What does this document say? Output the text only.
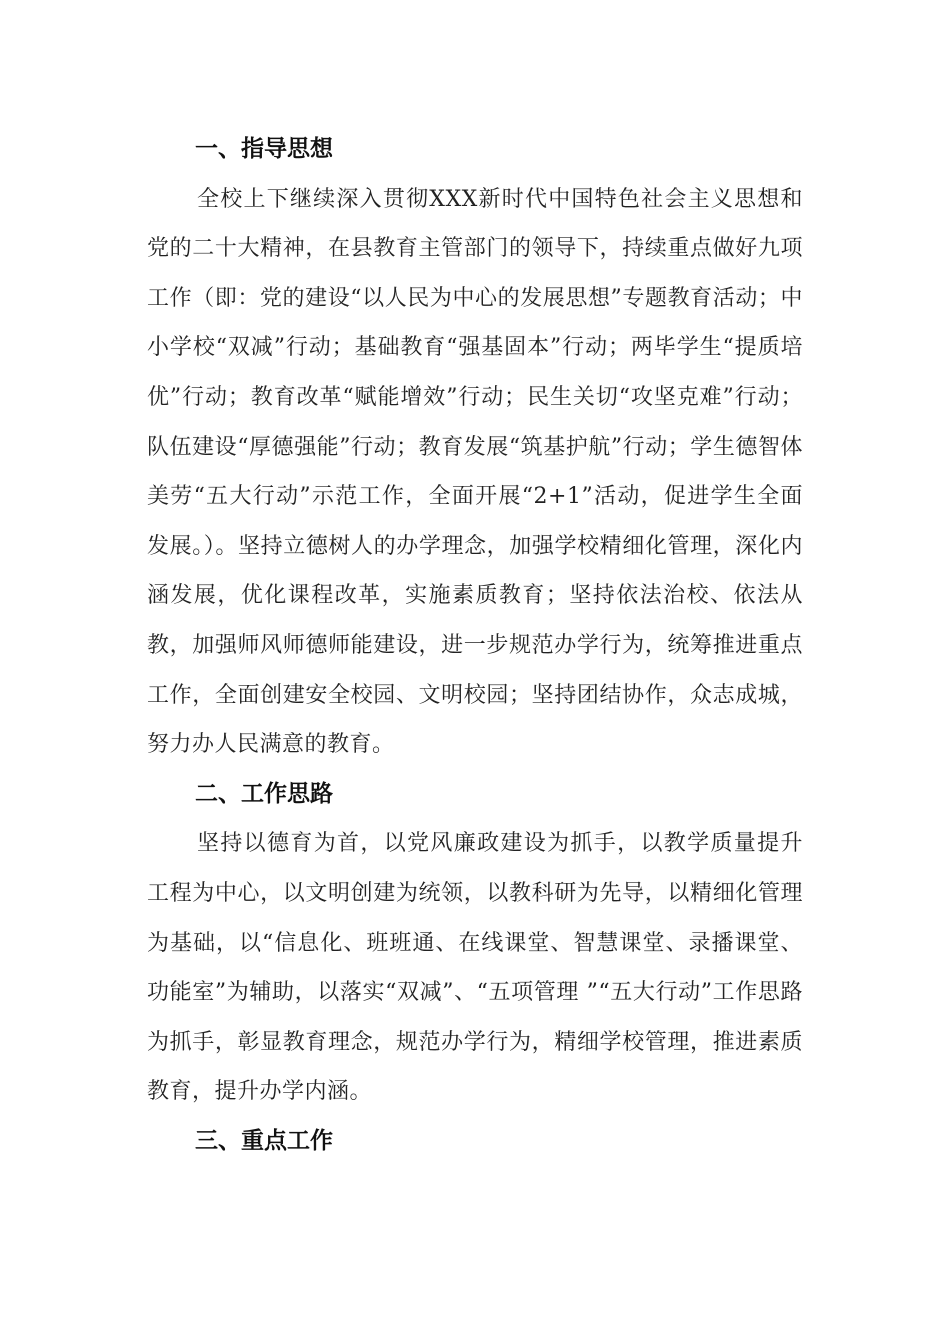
一、指导思想

全校上下继续深入贯彻XXX新时代中国特色社会主义思想和党的二十大精神，在县教育主管部门的领导下，持续重点做好九项工作（即：党的建设“以人民为中心的发展思想”专题教育活动；中小学校“双减”行动；基础教育“强基固本”行动；两毕学生“提质培优”行动；教育改革“赋能增效”行动；民生关切“攻坚克难”行动；队伍建设“厚德强能”行动；教育发展“筑基护航”行动；学生德智体美劳“五大行动”示范工作，全面开展“2+1”活动，促进学生全面发展。）。坚持立德树人的办学理念，加强学校精细化管理，深化内涵发展，优化课程改革，实施素质教育；坚持依法治校、依法从教，加强师风师德师能建设，进一步规范办学行为，统筹推进重点工作，全面创建安全校园、文明校园；坚持团结协作，众志成城，努力办人民满意的教育。

二、工作思路

坚持以德育为首，以党风廉政建设为抓手，以教学质量提升工程为中心，以文明创建为统领，以教科研为先导，以精细化管理为基础，以“信息化、班班通、在线课堂、智慧课堂、录播课堂、功能室”为辅助，以落实“双减”、“五项管理 ”“五大行动”工作思路为抓手，彰显教育理念，规范办学行为，精细学校管理，推进素质教育，提升办学内涵。

三、重点工作
